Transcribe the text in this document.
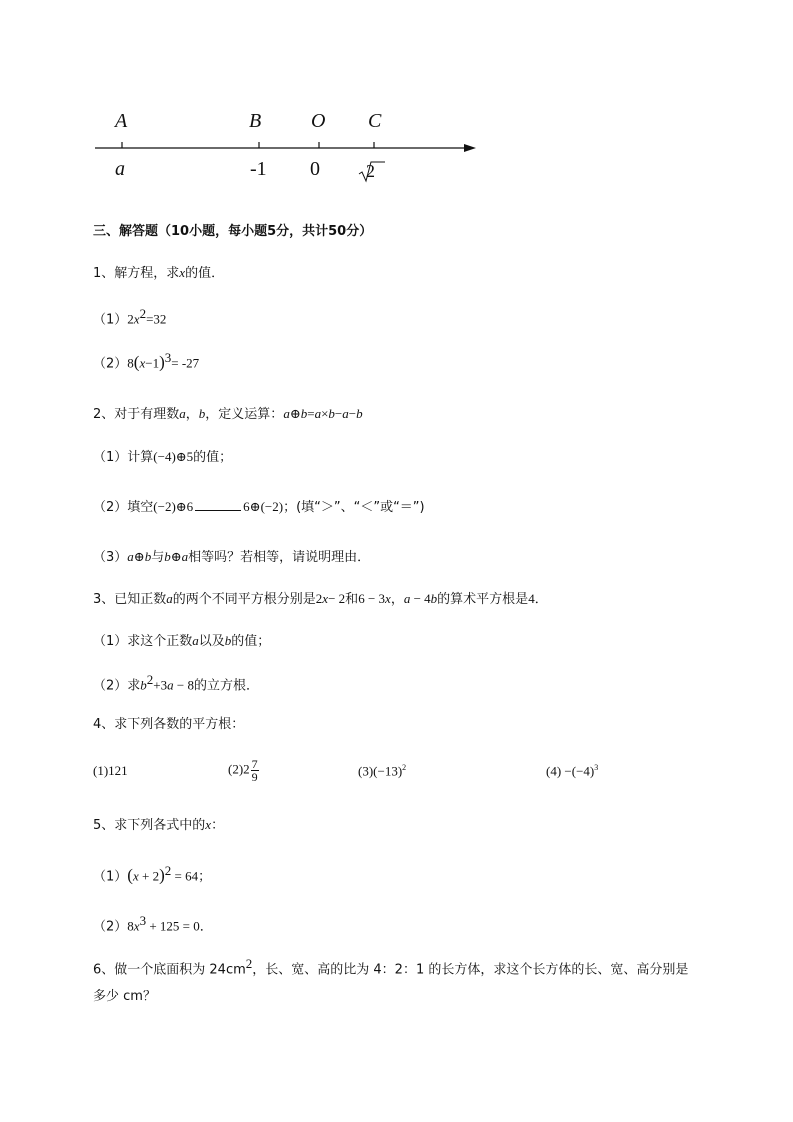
A	B O C
a	-1 0	2
三、解答题（10小题，每小题5分，共计50分）
1、解方程，求x的值．
$(1)2x^2=32$
$(2)8(x-1)^3= -27$
2、对于有理数a，b，定义运算：a⊕b=a×b−a−b
（1）计算(−4)⊕5的值；
（2）填空(−2)⊕6	6⊕(−2)；(填“＞”、“＜”或“＝”)
（3）a⊕b与b⊕a相等吗？若相等，请说明理由．
3、已知正数a的两个不同平方根分别是2x− 2和6 − 3x，a − 4b的算术平方根是4．
（1）求这个正数a以及b的值；
（2）求$b^2+3a - 8$的立方根．
4、求下列各数的平方根：
(1)121	$(2)2 \frac{7}{9}$	$(3)(-13)^2$	$(4) -(-4)^3$
5、求下列各式中的x：
$(1)(x + 2)^2 = 64$；
$(2)8x^3 + 125 = 0$．
6、做一个底面积为 $24cm^2$，长、宽、高的比为 4：2：1 的长方体，求这个长方体的长、宽、高分别是
多少 cm？
